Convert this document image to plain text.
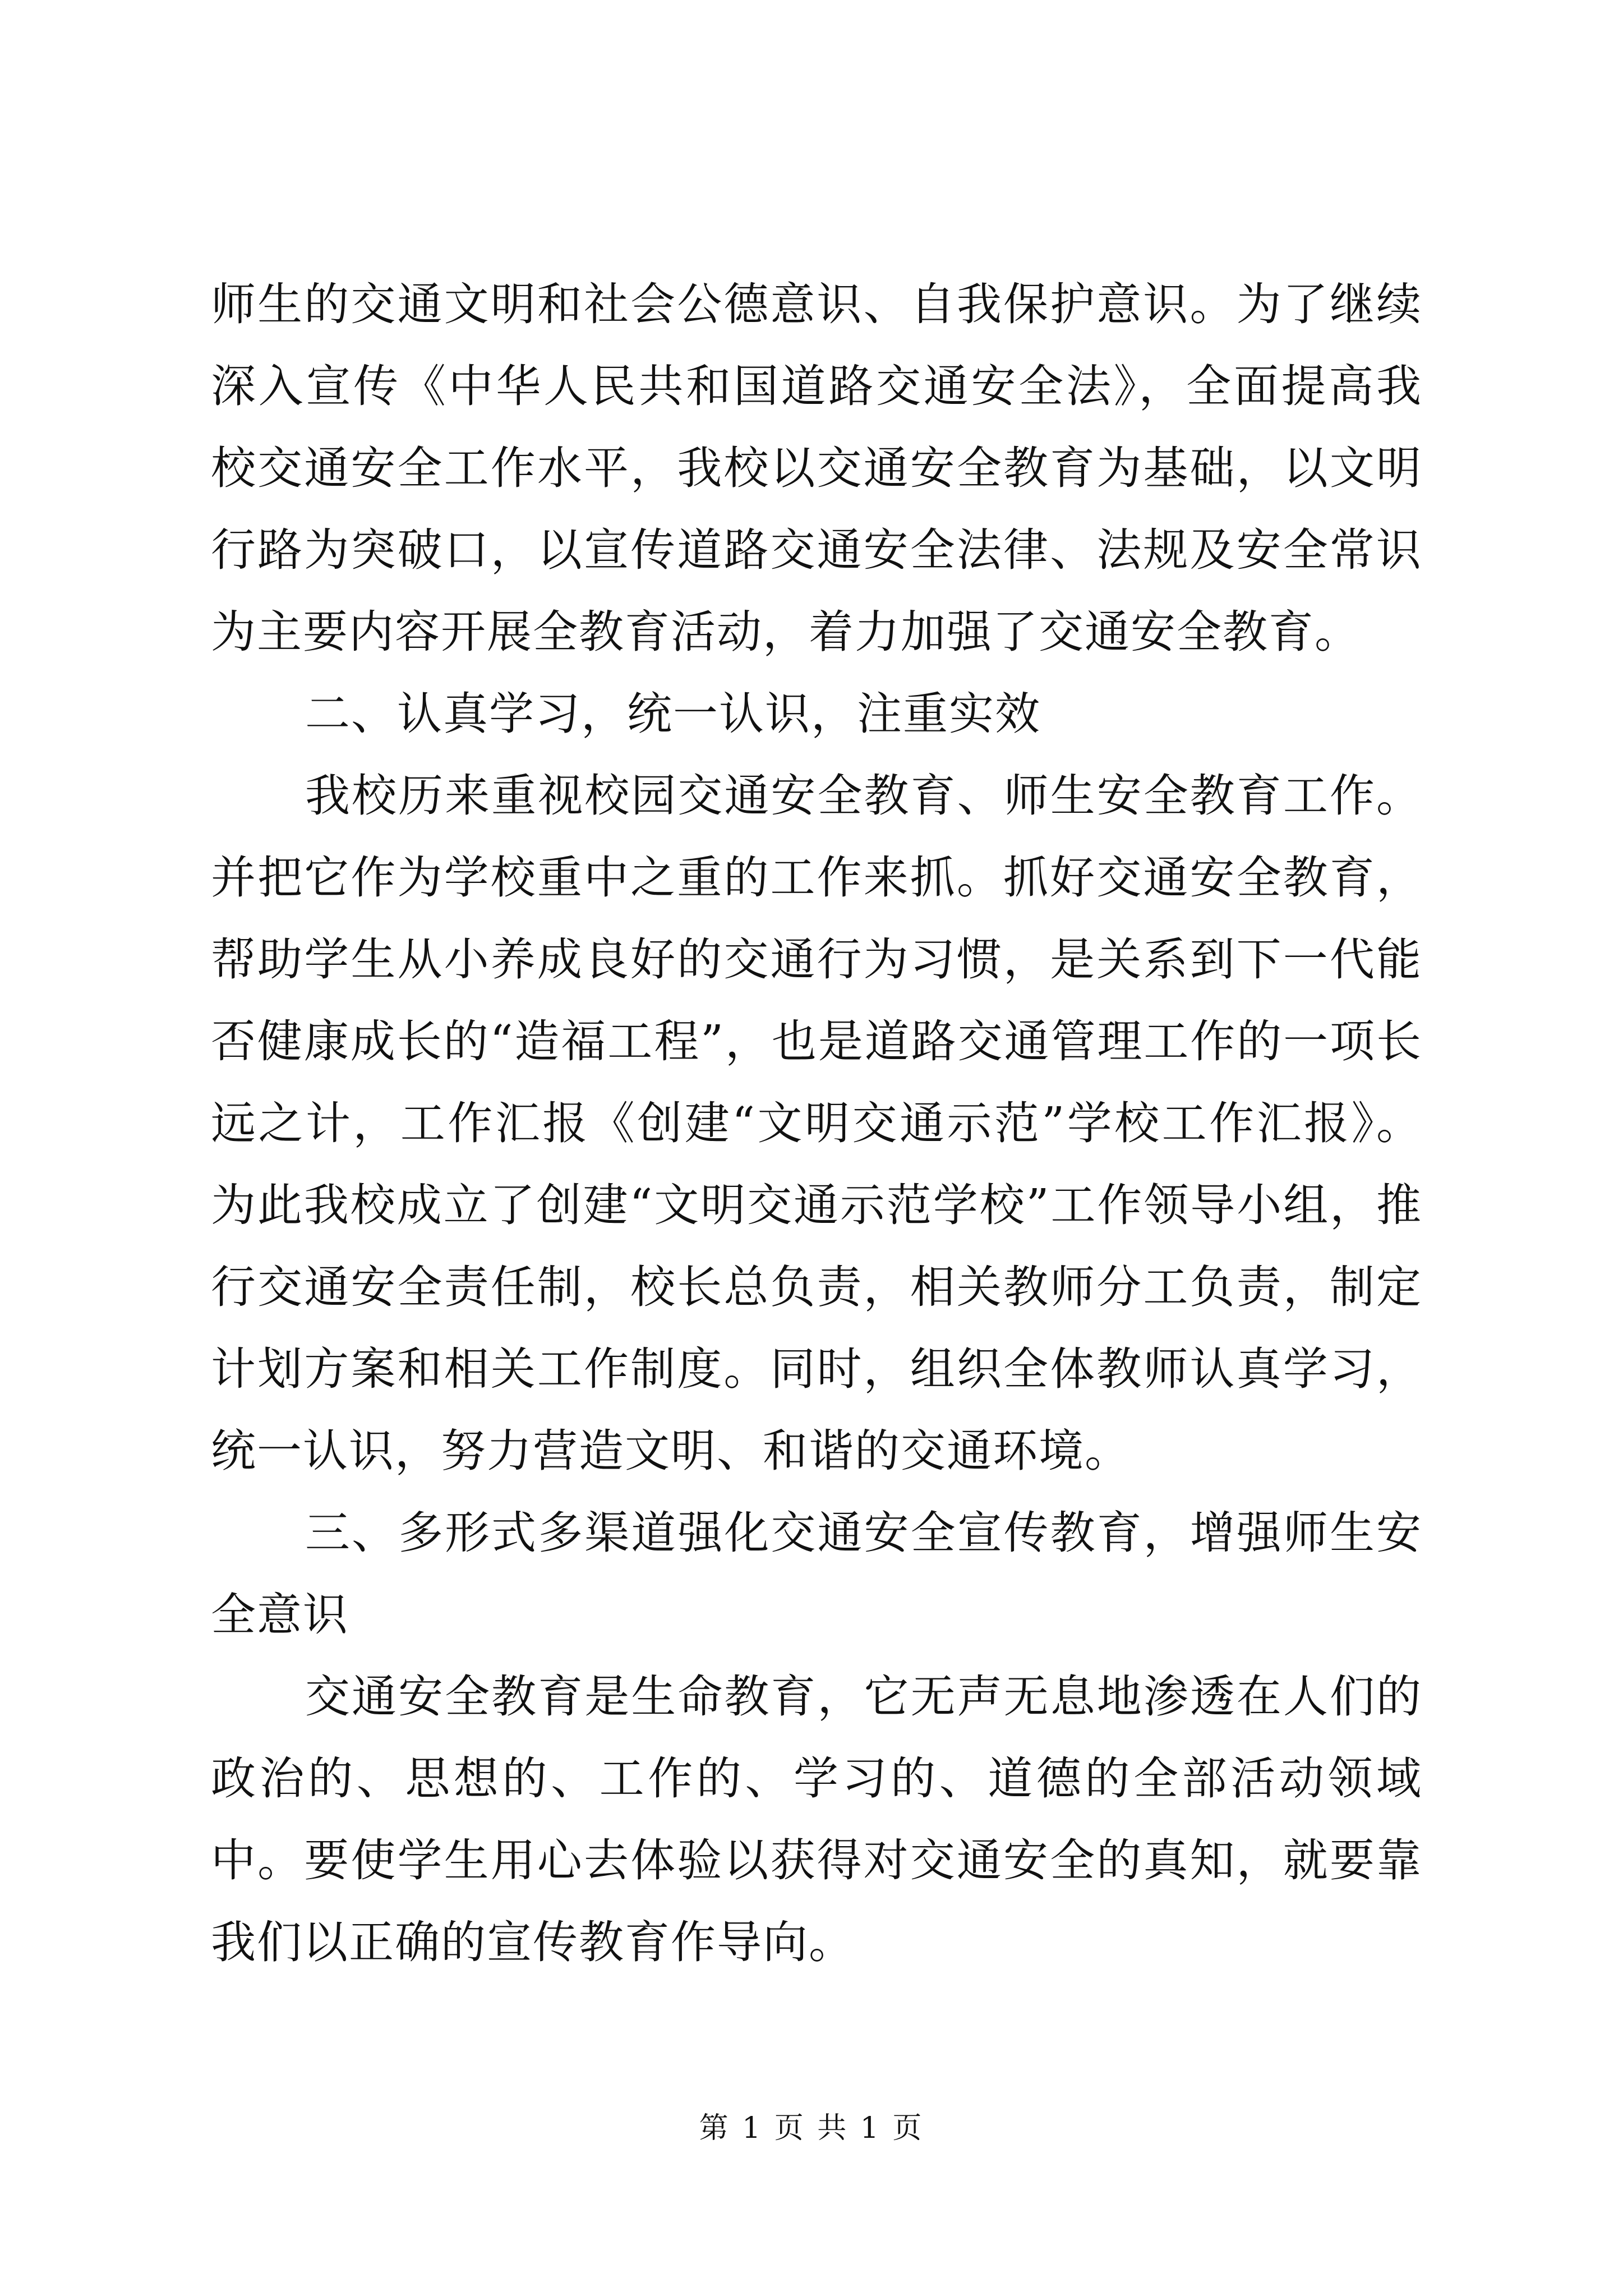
师生的交通文明和社会公德意识、自我保护意识。为了继续深入宣传《中华人民共和国道路交通安全法》，全面提高我校交通安全工作水平，我校以交通安全教育为基础，以文明行路为突破口，以宣传道路交通安全法律、法规及安全常识为主要内容开展全教育活动，着力加强了交通安全教育。

二、认真学习，统一认识，注重实效

我校历来重视校园交通安全教育、师生安全教育工作。并把它作为学校重中之重的工作来抓。抓好交通安全教育，帮助学生从小养成良好的交通行为习惯，是关系到下一代能否健康成长的“造福工程”，也是道路交通管理工作的一项长远之计，工作汇报《创建“文明交通示范”学校工作汇报》。为此我校成立了创建“文明交通示范学校”工作领导小组，推行交通安全责任制，校长总负责，相关教师分工负责，制定计划方案和相关工作制度。同时，组织全体教师认真学习，统一认识，努力营造文明、和谐的交通环境。

三、多形式多渠道强化交通安全宣传教育，增强师生安全意识

交通安全教育是生命教育，它无声无息地渗透在人们的政治的、思想的、工作的、学习的、道德的全部活动领域中。要使学生用心去体验以获得对交通安全的真知，就要靠我们以正确的宣传教育作导向。

第 1 页 共 1 页
